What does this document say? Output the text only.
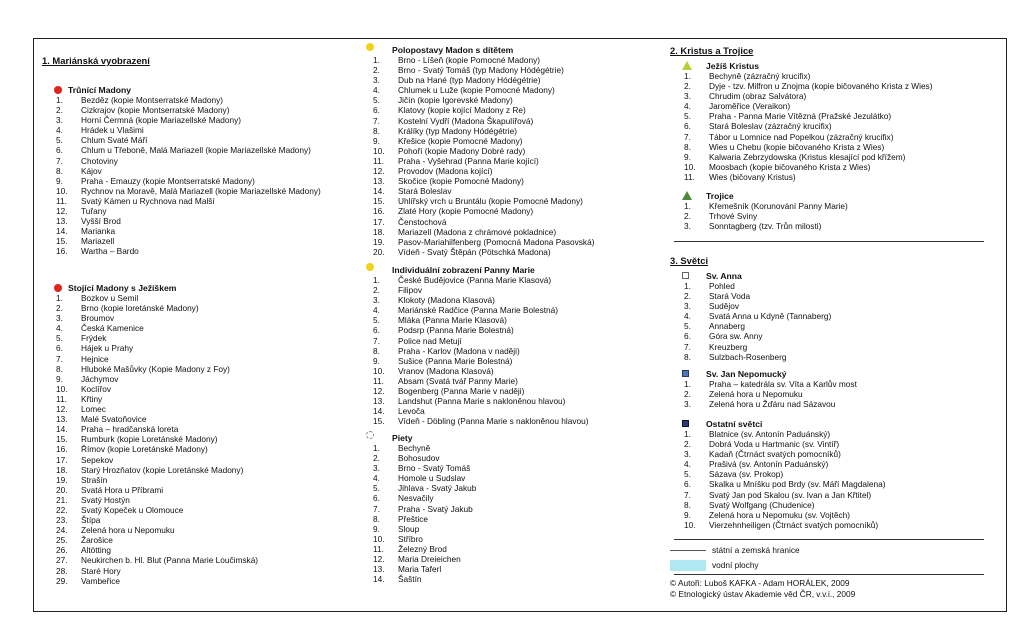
1. Mariánská vyobrazení
Trůnící Madony
1.	Bezděz (kopie Montserratské Madony)
2.	Cizkrajov (kopie Montserratské Madony)
3.	Horní Čermná (kopie Mariazellské Madony)
4.	Hrádek u Vlašimi
5.	Chlum Svaté Máří
6.	Chlum u Třeboně, Malá Mariazell (kopie Mariazellské Madony)
7.	Chotoviny
8.	Kájov
9.	Praha - Emauzy (kopie Montserratské Madony)
10.	Rychnov na Moravě, Malá Mariazell (kopie Mariazellské Madony)
11.	Svatý Kámen u Rychnova nad Malší
12.	Tuřany
13.	Vyšší Brod
14.	Marianka
15.	Mariazell
16.	Wartha – Bardo
Stojící Madony s Ježíškem
1.	Bozkov u Semil
2.	Brno (kopie loretánské Madony)
3.	Broumov
4.	Česká Kamenice
5.	Frýdek
6.	Hájek u Prahy
7.	Hejnice
8.	Hluboké Mašůvky (Kopie Madony z Foy)
9.	Jáchymov
10.	Koclířov
11.	Křtiny
12.	Lomec
13.	Malé Svatoňovice
14.	Praha – hradčanská loreta
15.	Rumburk (kopie Loretánské Madony)
16.	Římov (kopie Loretánské Madony)
17.	Sepekov
18.	Starý Hrozňatov (kopie Loretánské Madony)
19.	Strašín
20.	Svatá Hora u Příbrami
21.	Svatý Hostýn
22.	Svatý Kopeček u Olomouce
23.	Štípa
24.	Zelená hora u Nepomuku
25.	Žarošice
26.	Altötting
27.	Neukirchen b. Hl. Blut (Panna Marie Loučimská)
28.	Staré Hory
29.	Vambeřice
Polopostavy Madon s dítětem
1.	Brno - Líšeň (kopie Pomocné Madony)
2.	Brno - Svatý Tomáš (typ Madony Hódégétrie)
3.	Dub na Hané (typ Madony Hódégétrie)
4.	Chlumek u Luže (kopie Pomocné Madony)
5.	Jičín (kopie Igorevské Madony)
6.	Klatovy (kopie kojící Madony z Re)
7.	Kostelní Vydří (Madona Škapulířová)
8.	Králíky (typ Madony Hódégétrie)
9.	Křešice (kopie Pomocné Madony)
10.	Pohoří (kopie Madony Dobré rady)
11.	Praha - Vyšehrad (Panna Marie kojící)
12.	Provodov (Madona kojící)
13.	Skočice (kopie Pomocné Madony)
14.	Stará Boleslav
15.	Uhlířský vrch u Bruntálu (kopie Pomocné Madony)
16.	Zlaté Hory (kopie Pomocné Madony)
17.	Čenstochová
18.	Mariazell (Madona z chrámové pokladnice)
19.	Pasov-Mariahilfenberg (Pomocná Madona Pasovská)
20.	Vídeň - Svatý Štěpán (Pötschká Madona)
Individuální zobrazení Panny Marie
1.	České Budějovice (Panna Marie Klasová)
2.	Filipov
3.	Klokoty (Madona Klasová)
4.	Mariánské Radčice (Panna Marie Bolestná)
5.	Mláka (Panna Marie Klasová)
6.	Podsrp (Panna Marie Bolestná)
7.	Police nad Metují
8.	Praha - Karlov (Madona v naději)
9.	Sušice (Panna Marie Bolestná)
10.	Vranov (Madona Klasová)
11.	Absam (Svatá tvář Panny Marie)
12.	Bogenberg (Panna Marie v naději)
13.	Landshut (Panna Marie s nakloněnou hlavou)
14.	Levoča
15.	Vídeň - Döbling (Panna Marie s nakloněnou hlavou)
Piety
1.	Bechyně
2.	Bohosudov
3.	Brno - Svatý Tomáš
4.	Homole u Sudslav
5.	Jihlava - Svatý Jakub
6.	Nesvačily
7.	Praha - Svatý Jakub
8.	Přeštice
9.	Sloup
10.	Stříbro
11.	Železný Brod
12.	Maria Dreieichen
13.	Maria Taferl
14.	Šaštín
2. Kristus a Trojice
Ježíš Kristus
1.	Bechyně (zázračný krucifix)
2.	Dyje - tzv. Milfron u Znojma (kopie bičovaného Krista z Wies)
3.	Chrudim (obraz Salvátora)
4.	Jaroměřice (Veraikon)
5.	Praha - Panna Marie Vítězná (Pražské Jezulátko)
6.	Stará Boleslav (zázračný krucifix)
7.	Tábor u Lomnice nad Popelkou (zázračný krucifix)
8.	Wies u Chebu (kopie bičovaného Krista z Wies)
9.	Kalwaria Zebrzydowska (Kristus klesající pod křížem)
10.	Moosbach (kopie bičovaného Krista z Wies)
11.	Wies (bičovaný Kristus)
Trojice
1.	Křemešník (Korunování Panny Marie)
2.	Trhové Sviny
3.	Sonntagberg (tzv. Trůn milosti)
3. Světci
Sv. Anna
1.	Pohled
2.	Stará Voda
3.	Sudějov
4.	Svatá Anna u Kdyně (Tannaberg)
5.	Annaberg
6.	Góra sw. Anny
7.	Kreuzberg
8.	Sulzbach-Rosenberg
Sv. Jan Nepomucký
1.	Praha – katedrála sv. Víta a Karlův most
2.	Zelená hora u Nepomuku
3.	Zelená hora u Žďáru nad Sázavou
Ostatní světci
1.	Blatnice (sv. Antonín Paduánský)
2.	Dobrá Voda u Hartmanic (sv. Vintíř)
3.	Kadaň (Čtrnáct svatých pomocníků)
4.	Prašivá (sv. Antonín Paduánský)
5.	Sázava (sv. Prokop)
6.	Skalka u Mníšku pod Brdy (sv. Máří Magdalena)
7.	Svatý Jan pod Skalou (sv. Ivan a Jan Křtitel)
8.	Svatý Wolfgang (Chudenice)
9.	Zelená hora u Nepomuku (sv. Vojtěch)
10.	Vierzehnheiligen (Čtrnáct svatých pomocníků)
státní a zemská hranice
vodní plochy
© Autoři: Luboš KAFKA - Adam HORÁLEK, 2009
© Etnologický ústav Akademie věd ČR, v.v.i., 2009
